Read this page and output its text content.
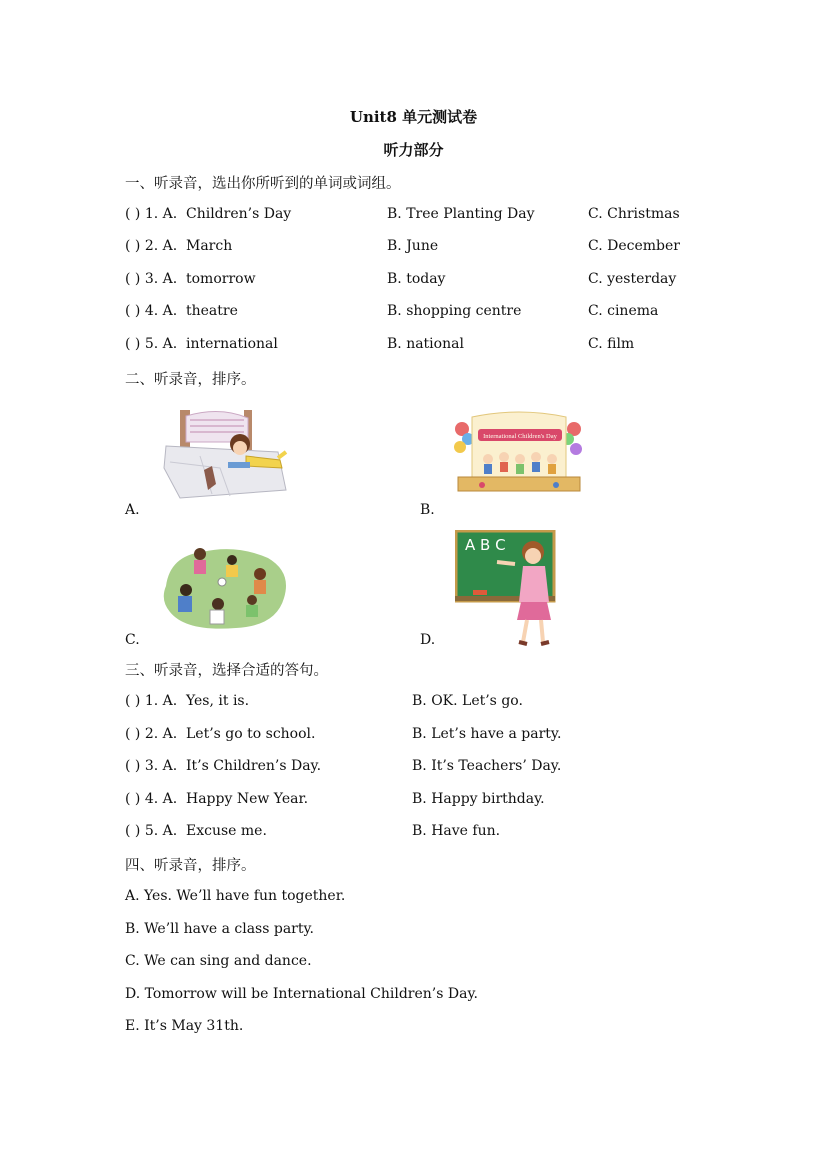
Unit8 单元测试卷
听力部分
一、听录音，选出你所听到的单词或词组。
( ) 1. A. Children’s Day	B. Tree Planting Day	C. Christmas
( ) 2. A. March	B. June	C. December
( ) 3. A. tomorrow	B. today	C. yesterday
( ) 4. A. theatre	B. shopping centre	C. cinema
( ) 5. A. international	B. national	C. film
二、听录音，排序。
A.
International Children's Day
B.
C.
A B C
D.
三、听录音，选择合适的答句。
( ) 1. A. Yes, it is.	B. OK. Let’s go.
( ) 2. A. Let’s go to school.	B. Let’s have a party.
( ) 3. A. It’s Children’s Day.	B. It’s Teachers’ Day.
( ) 4. A. Happy New Year.	B. Happy birthday.
( ) 5. A. Excuse me.	B. Have fun.
四、听录音，排序。
A. Yes. We’ll have fun together.
B. We’ll have a class party.
C. We can sing and dance.
D. Tomorrow will be International Children’s Day.
E. It’s May 31th.
